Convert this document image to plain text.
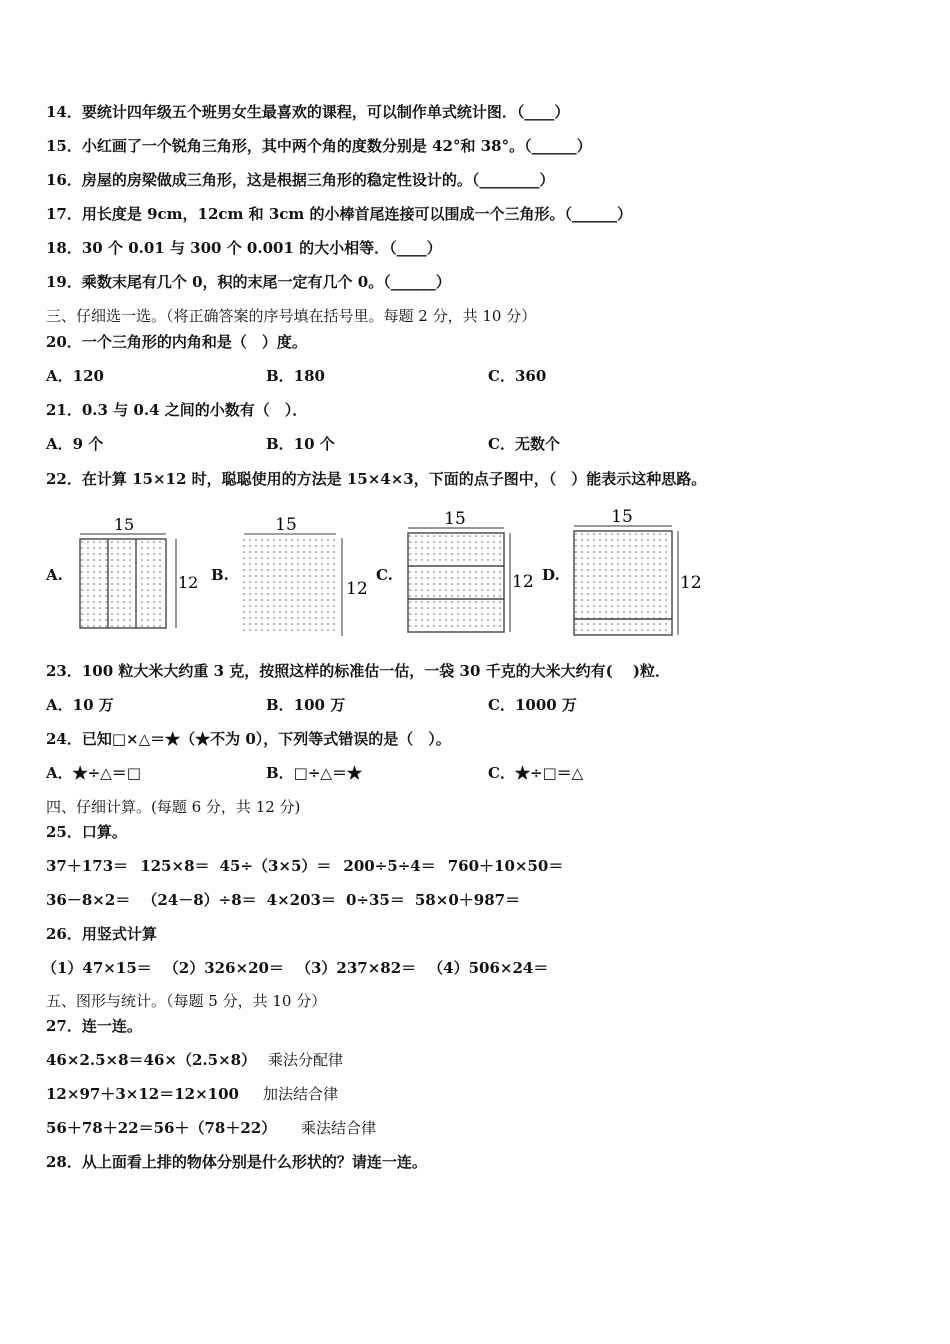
14．要统计四年级五个班男女生最喜欢的课程，可以制作单式统计图．（____）
15．小红画了一个锐角三角形，其中两个角的度数分别是 42°和 38°。（______）
16．房屋的房梁做成三角形，这是根据三角形的稳定性设计的。（________）
17．用长度是 9cm，12cm 和 3cm 的小棒首尾连接可以围成一个三角形。（______）
18．30 个 0.01 与 300 个 0.001 的大小相等．（____）
19．乘数末尾有几个 0，积的末尾一定有几个 0。（______）
三、仔细选一选。（将正确答案的序号填在括号里。每题 2 分，共 10 分）
20．一个三角形的内角和是（　）度。
A．120	B．180	C．360
21．0.3 与 0.4 之间的小数有（　）．
A．9 个	B．10 个	C．无数个
22．在计算 15×12 时，聪聪使用的方法是 15×4×3，下面的点子图中，（　）能表示这种思路。
A.
15
12 B.
15
12
C.
15
12 D.
15
12
23．100 粒大米大约重 3 克，按照这样的标准估一估，一袋 30 千克的大米大约有(　 )粒．
A．10 万	B．100 万	C．1000 万
24．已知□×△＝★（★不为 0），下列等式错误的是（　）。
A．★÷△＝□	B．□÷△＝★	C．★÷□＝△
四、仔细计算。(每题 6 分，共 12 分)
25．口算。
37＋173＝ 125×8＝ 45÷（3×5）＝ 200÷5÷4＝ 760＋10×50＝
36－8×2＝ （24－8）÷8＝ 4×203＝ 0÷35＝ 58×0＋987＝
26．用竖式计算
（1）47×15＝ （2）326×20＝ （3）237×82＝ （4）506×24＝
五、图形与统计。（每题 5 分，共 10 分）
27．连一连。
46×2.5×8＝46×（2.5×8） 乘法分配律
12×97＋3×12＝12×100 加法结合律
56＋78＋22＝56＋（78＋22） 乘法结合律
28．从上面看上排的物体分别是什么形状的？请连一连。
